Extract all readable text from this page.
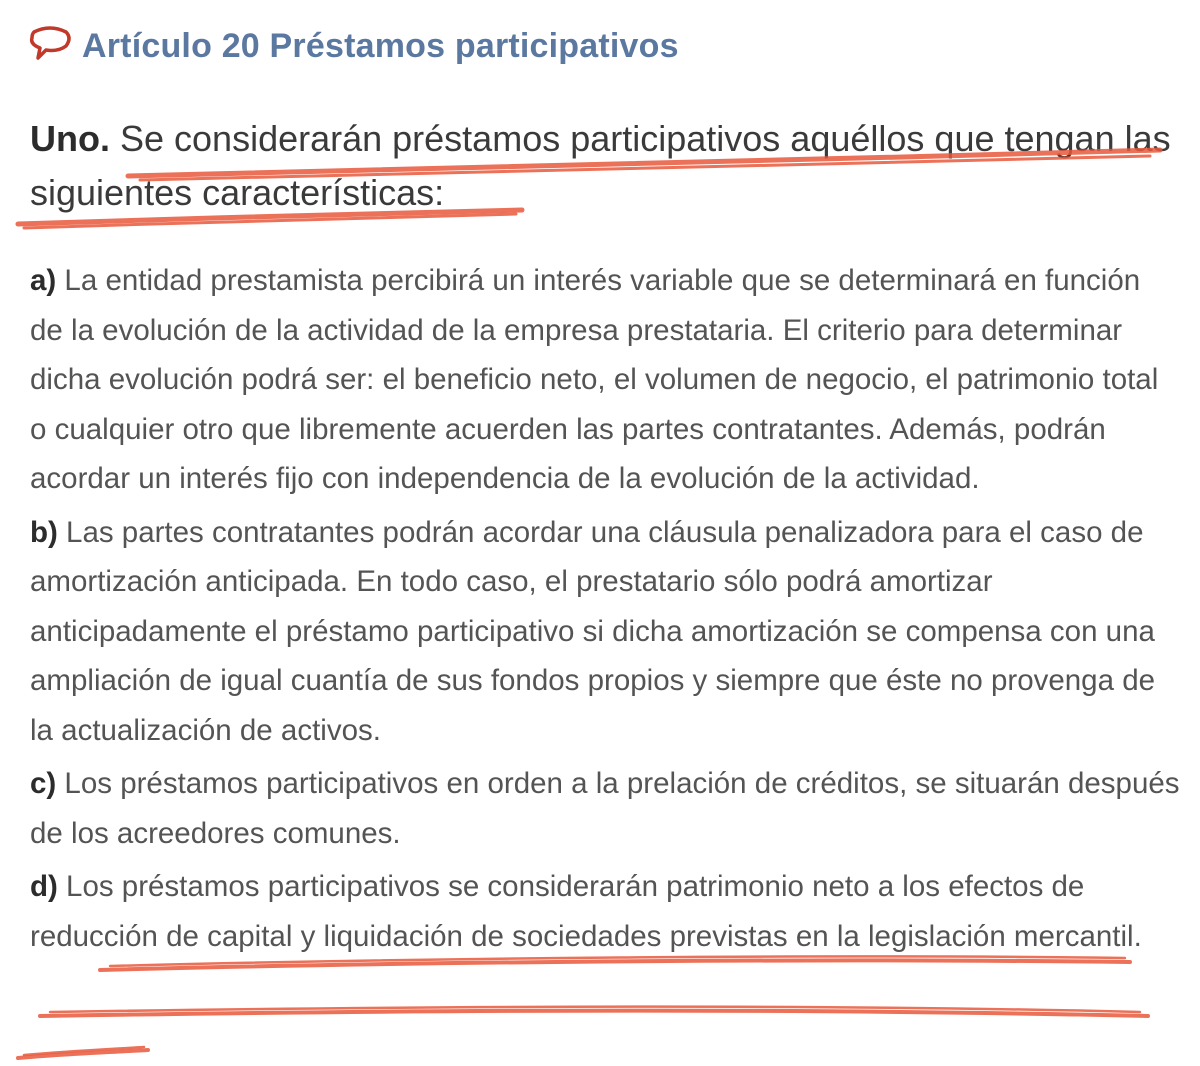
Artículo 20 Préstamos participativos
Uno. Se considerarán préstamos participativos aquéllos que tengan las siguientes características:

a) La entidad prestamista percibirá un interés variable que se determinará en función de la evolución de la actividad de la empresa prestataria. El criterio para determinar dicha evolución podrá ser: el beneficio neto, el volumen de negocio, el patrimonio total o cualquier otro que libremente acuerden las partes contratantes. Además, podrán acordar un interés fijo con independencia de la evolución de la actividad.

b) Las partes contratantes podrán acordar una cláusula penalizadora para el caso de amortización anticipada. En todo caso, el prestatario sólo podrá amortizar anticipadamente el préstamo participativo si dicha amortización se compensa con una ampliación de igual cuantía de sus fondos propios y siempre que éste no provenga de la actualización de activos.

c) Los préstamos participativos en orden a la prelación de créditos, se situarán después de los acreedores comunes.

d) Los préstamos participativos se considerarán patrimonio neto a los efectos de reducción de capital y liquidación de sociedades previstas en la legislación mercantil.
